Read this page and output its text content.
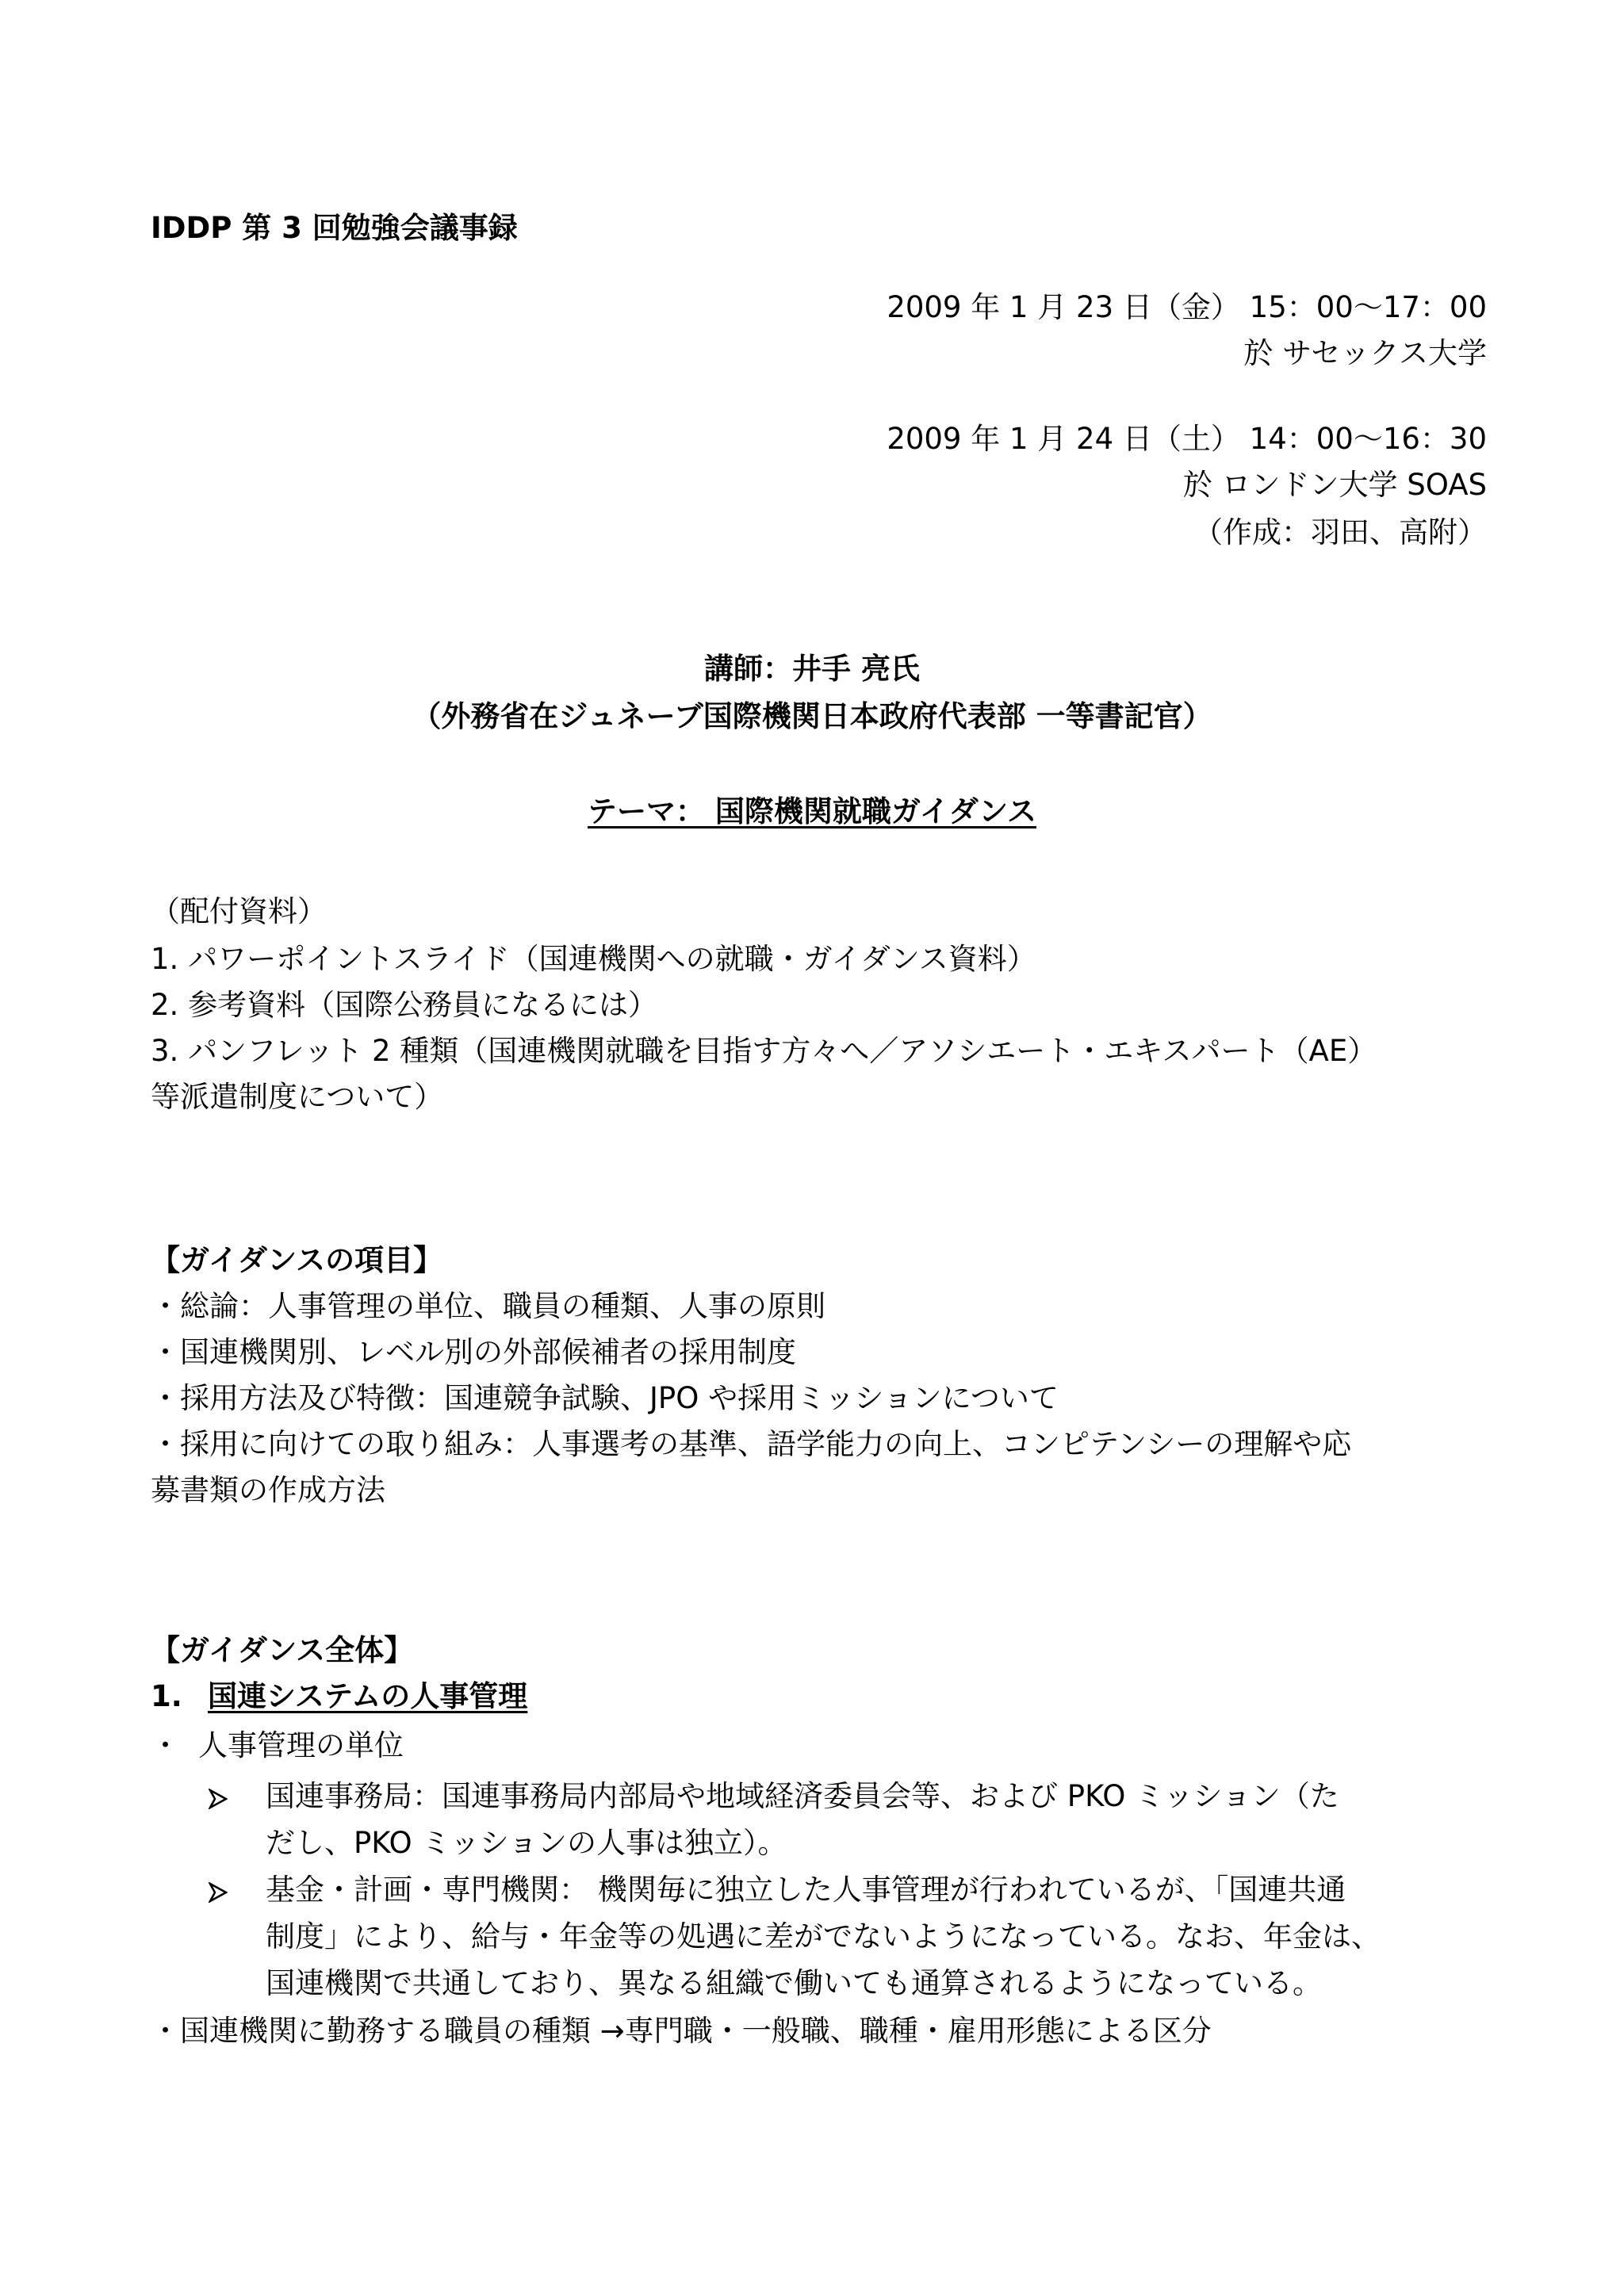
IDDP 第 3 回勉強会議事録
2009 年 1 月 23 日（金） 15：00〜17：00
於 サセックス大学
2009 年 1 月 24 日（土） 14：00〜16：30
於 ロンドン大学 SOAS
（作成：羽田、高附）
講師：井手 亮氏
（外務省在ジュネーブ国際機関日本政府代表部 一等書記官）
テーマ： 国際機関就職ガイダンス
（配付資料）
1. パワーポイントスライド（国連機関への就職・ガイダンス資料）
2. 参考資料（国際公務員になるには）
3. パンフレット 2 種類（国連機関就職を目指す方々へ／アソシエート・エキスパート（AE）
等派遣制度について）
【ガイダンスの項目】
・総論：人事管理の単位、職員の種類、人事の原則
・国連機関別、レベル別の外部候補者の採用制度
・採用方法及び特徴：国連競争試験、JPO や採用ミッションについて
・採用に向けての取り組み：人事選考の基準、語学能力の向上、コンピテンシーの理解や応
募書類の作成方法
【ガイダンス全体】
1. 国連システムの人事管理
・ 人事管理の単位
国連事務局：国連事務局内部局や地域経済委員会等、および PKO ミッション（た
だし、PKO ミッションの人事は独立）。
基金・計画・専門機関： 機関毎に独立した人事管理が行われているが、「国連共通
制度」により、給与・年金等の処遇に差がでないようになっている。なお、年金は、
国連機関で共通しており、異なる組織で働いても通算されるようになっている。
・国連機関に勤務する職員の種類 →専門職・一般職、職種・雇用形態による区分
